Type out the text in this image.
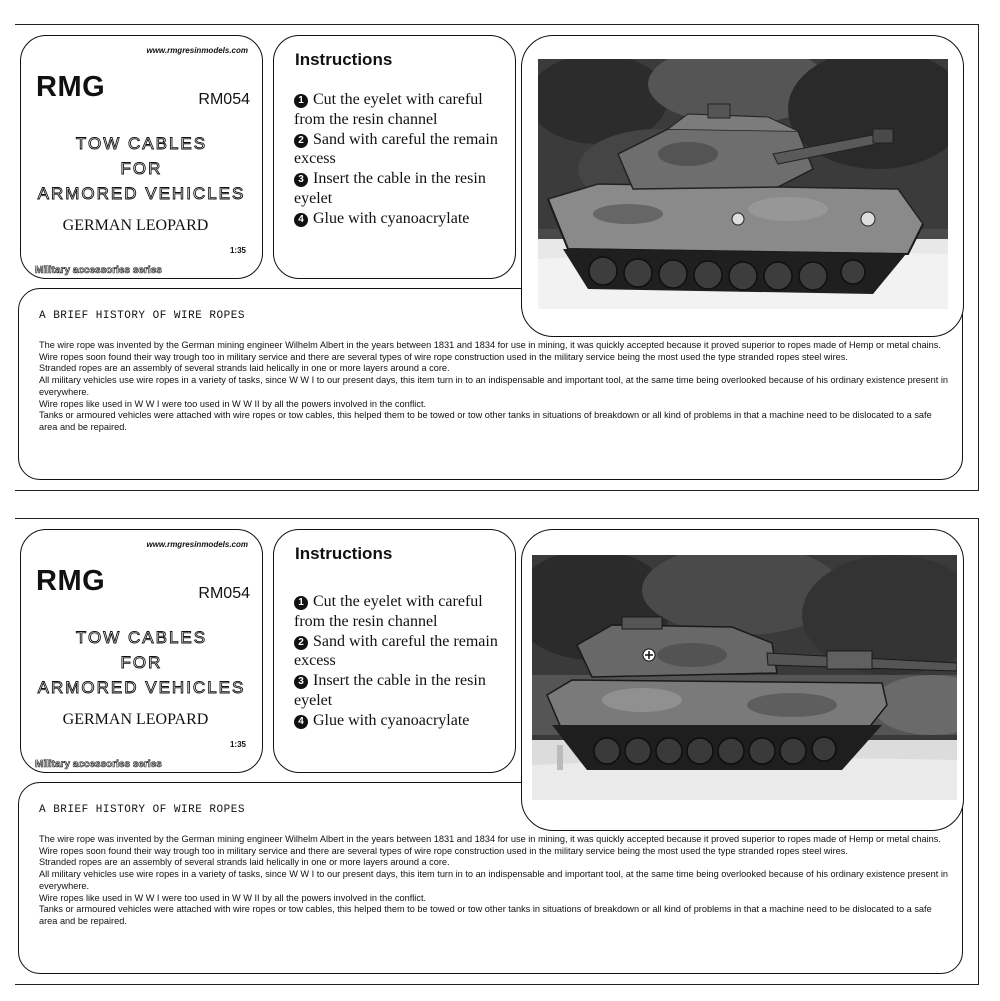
www.rmgresinmodels.com
RMG	RM054
TOW CABLES
FOR
ARMORED VEHICLES
GERMAN LEOPARD
1:35
Military accessories series
Instructions
1 Cut the eyelet with careful from the resin channel
2 Sand with careful the remain excess
3 Insert the cable in the resin eyelet
4 Glue with cyanoacrylate
A BRIEF HISTORY OF WIRE ROPES

The wire rope was invented by the German mining engineer Wilhelm Albert in the years between 1831 and 1834 for use in mining, it was quickly accepted because it proved superior to ropes made of Hemp or metal chains.

Wire ropes soon found their way trough too in military service and there are several types of wire rope construction used in the military service being the most used the type stranded ropes steel wires.

Stranded ropes are an assembly of several strands laid helically in one or more layers around a core.

All military vehicles use wire ropes in a variety of tasks, since W W I to our present days, this item turn in to an indispensable and important tool, at the same time being overlooked because of his ordinary existence present in everywhere.

Wire ropes like used in W W I were too used in W W II by all the powers involved in the conflict.

Tanks or armoured vehicles were attached with wire ropes or tow cables, this helped them to be towed or tow other tanks in situations of breakdown or all kind of problems in that a machine need to be dislocated to a safe area and be repaired.

www.rmgresinmodels.com
RMG	RM054
TOW CABLES
FOR
ARMORED VEHICLES
GERMAN LEOPARD
1:35
Military accessories series
Instructions
1 Cut the eyelet with careful from the resin channel
2 Sand with careful the remain excess
3 Insert the cable in the resin eyelet
4 Glue with cyanoacrylate
A BRIEF HISTORY OF WIRE ROPES

The wire rope was invented by the German mining engineer Wilhelm Albert in the years between 1831 and 1834 for use in mining, it was quickly accepted because it proved superior to ropes made of Hemp or metal chains.

Wire ropes soon found their way trough too in military service and there are several types of wire rope construction used in the military service being the most used the type stranded ropes steel wires.

Stranded ropes are an assembly of several strands laid helically in one or more layers around a core.

All military vehicles use wire ropes in a variety of tasks, since W W I to our present days, this item turn in to an indispensable and important tool, at the same time being overlooked because of his ordinary existence present in everywhere.

Wire ropes like used in W W I were too used in W W II by all the powers involved in the conflict.

Tanks or armoured vehicles were attached with wire ropes or tow cables, this helped them to be towed or tow other tanks in situations of breakdown or all kind of problems in that a machine need to be dislocated to a safe area and be repaired.
